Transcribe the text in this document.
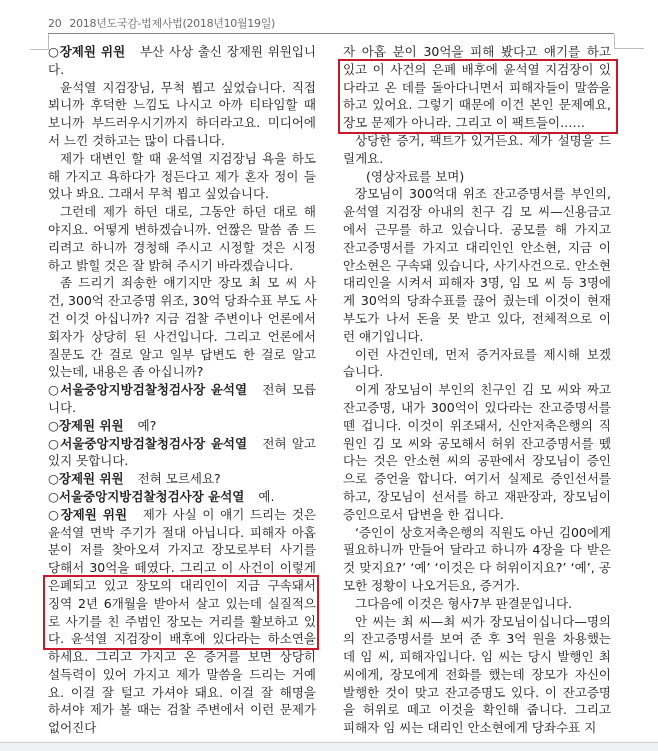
20 2018년도국감-법제사법(2018년10월19일)
○장제원 위원 부산 사상 출신 장제원 위원입니
다.
윤석열 지검장님, 무척 뵙고 싶었습니다. 직접
뵈니까 후덕한 느낌도 나시고 아까 티타임할 때
보니까 부드러우시기까지 하더라고요. 미디어에
서 느낀 것하고는 많이 다릅니다.
제가 대변인 할 때 윤석열 지검장님 욕을 하도
해 가지고 욕하다가 정든다고 제가 혼자 정이 들
었나 봐요. 그래서 무척 뵙고 싶었습니다.
그런데 제가 하던 대로, 그동안 하던 대로 해
야지요. 어떻게 변하겠습니까. 언짢은 말씀 좀 드
리려고 하니까 경청해 주시고 시정할 것은 시정
하고 밝힐 것은 잘 밝혀 주시기 바라겠습니다.
좀 드리기 죄송한 얘기지만 장모 최 모 씨 사
건, 300억 잔고증명 위조, 30억 당좌수표 부도 사
건 이것 아십니까? 지금 검찰 주변이나 언론에서
회자가 상당히 된 사건입니다. 그리고 언론에서
질문도 간 걸로 알고 일부 답변도 한 걸로 알고
있는데, 내용은 좀 아십니까?
○서울중앙지방검찰청검사장 윤석열 전혀 모릅
니다.
○장제원 위원 예?
○서울중앙지방검찰청검사장 윤석열 전혀 알고
있지 못합니다.
○장제원 위원 전혀 모르세요?
○서울중앙지방검찰청검사장 윤석열 예.
○장제원 위원 제가 사실 이 얘기 드리는 것은
윤석열 면박 주기가 절대 아닙니다. 피해자 아홉
분이 저를 찾아오셔 가지고 장모로부터 사기를
당해서 30억을 떼였다. 그리고 이 사건이 이렇게
은폐되고 있고 장모의 대리인이 지금 구속돼서
징역 2년 6개월을 받아서 살고 있는데 실질적으
로 사기를 친 주범인 장모는 거리를 활보하고 있
다. 윤석열 지검장이 배후에 있다라는 하소연을
하세요. 그리고 가지고 온 증거를 보면 상당히
설득력이 있어 가지고 제가 말씀을 드리는 거예
요. 이걸 잘 털고 가셔야 돼요. 이걸 잘 해명을
하셔야 제가 볼 때는 검찰 주변에서 이런 문제가
없어진다
자 아홉 분이 30억을 피해 봤다고 얘기를 하고
있고 이 사건의 은폐 배후에 윤석열 지검장이 있
다라고 온 데를 돌아다니면서 피해자들이 말씀을
하고 있어요. 그렇기 때문에 이건 본인 문제예요,
장모 문제가 아니라. 그리고 이 팩트들이……
상당한 증거, 팩트가 있거든요. 제가 설명을 드
릴게요.
(영상자료를 보며)
장모님이 300억대 위조 잔고증명서를 부인의,
윤석열 지검장 아내의 친구 김 모 씨—신용금고
에서 근무를 하고 있습니다. 공모를 해 가지고
잔고증명서를 가지고 대리인인 안소현, 지금 이
안소현은 구속돼 있습니다, 사기사건으로. 안소현
대리인을 시켜서 피해자 3명, 임 모 씨 등 3명에
게 30억의 당좌수표를 끊어 줬는데 이것이 현재
부도가 나서 돈을 못 받고 있다, 전체적으로 이
런 얘기입니다.
이런 사건인데, 먼저 증거자료를 제시해 보겠
습니다.
이게 장모님이 부인의 친구인 김 모 씨와 짜고
잔고증명, 내가 300억이 있다라는 잔고증명서를
뗀 겁니다. 이것이 위조돼서, 신안저축은행의 직
원인 김 모 씨와 공모해서 허위 잔고증명서를 뗐
다는 것은 안소현 씨의 공판에서 장모님이 증인
으로 증언을 합니다. 여기서 실제로 증인선서를
하고, 장모님이 선서를 하고 재판장과, 장모님이
증인으로서 답변을 한 겁니다.
‘증인이 상호저축은행의 직원도 아닌 김00에게
필요하니까 만들어 달라고 하니까 4장을 다 받은
것 맞지요?’ ‘예’ ‘이것은 다 허위이지요?’ ‘예’, 공
모한 정황이 나오거든요, 증거가.
그다음에 이것은 형사7부 판결문입니다.
안 씨는 최 씨—최 씨가 장모님이십니다—명의
의 잔고증명서를 보여 준 후 3억 원을 차용했는
데 임 씨, 피해자입니다. 임 씨는 당시 발행인 최
씨에게, 장모에게 전화를 했는데 장모가 자신이
발행한 것이 맞고 잔고증명도 있다. 이 잔고증명
을 허위로 떼고 이것을 확인해 줍니다. 그리고
피해자 임 씨는 대리인 안소현에게 당좌수표 지
